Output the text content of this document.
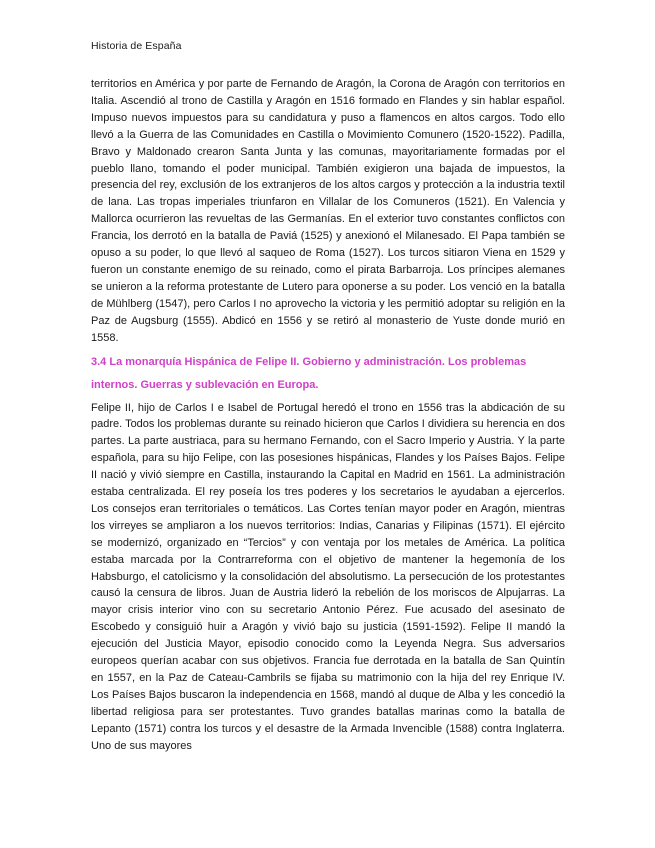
Historia de España

territorios en América y por parte de Fernando de Aragón, la Corona de Aragón con territorios en Italia. Ascendió al trono de Castilla y Aragón en 1516 formado en Flandes y sin hablar español. Impuso nuevos impuestos para su candidatura y puso a flamencos en altos cargos. Todo ello llevó a la Guerra de las Comunidades en Castilla o Movimiento Comunero (1520-1522). Padilla, Bravo y Maldonado crearon Santa Junta y las comunas, mayoritariamente formadas por el pueblo llano, tomando el poder municipal. También exigieron una bajada de impuestos, la presencia del rey, exclusión de los extranjeros de los altos cargos y protección a la industria textil de lana. Las tropas imperiales triunfaron en Villalar de los Comuneros (1521). En Valencia y Mallorca ocurrieron las revueltas de las Germanías. En el exterior tuvo constantes conflictos con Francia, los derrotó en la batalla de Paviá (1525) y anexionó el Milanesado. El Papa también se opuso a su poder, lo que llevó al saqueo de Roma (1527). Los turcos sitiaron Viena en 1529 y fueron un constante enemigo de su reinado, como el pirata Barbarroja. Los príncipes alemanes se unieron a la reforma protestante de Lutero para oponerse a su poder. Los venció en la batalla de Mühlberg (1547), pero Carlos I no aprovecho la victoria y les permitió adoptar su religión en la Paz de Augsburg (1555). Abdicó en 1556 y se retiró al monasterio de Yuste donde murió en 1558.

3.4 La monarquía Hispánica de Felipe II. Gobierno y administración. Los problemas internos. Guerras y sublevación en Europa.

Felipe II, hijo de Carlos I e Isabel de Portugal heredó el trono en 1556 tras la abdicación de su padre. Todos los problemas durante su reinado hicieron que Carlos I dividiera su herencia en dos partes. La parte austriaca, para su hermano Fernando, con el Sacro Imperio y Austria. Y la parte española, para su hijo Felipe, con las posesiones hispánicas, Flandes y los Países Bajos. Felipe II nació y vivió siempre en Castilla, instaurando la Capital en Madrid en 1561. La administración estaba centralizada. El rey poseía los tres poderes y los secretarios le ayudaban a ejercerlos. Los consejos eran territoriales o temáticos. Las Cortes tenían mayor poder en Aragón, mientras los virreyes se ampliaron a los nuevos territorios: Indias, Canarias y Filipinas (1571). El ejército se modernizó, organizado en “Tercios” y con ventaja por los metales de América. La política estaba marcada por la Contrarreforma con el objetivo de mantener la hegemonía de los Habsburgo, el catolicismo y la consolidación del absolutismo. La persecución de los protestantes causó la censura de libros. Juan de Austria lideró la rebelión de los moriscos de Alpujarras. La mayor crisis interior vino con su secretario Antonio Pérez. Fue acusado del asesinato de Escobedo y consiguió huir a Aragón y vivió bajo su justicia (1591-1592). Felipe II mandó la ejecución del Justicia Mayor, episodio conocido como la Leyenda Negra. Sus adversarios europeos querían acabar con sus objetivos. Francia fue derrotada en la batalla de San Quintín en 1557, en la Paz de Cateau-Cambrils se fijaba su matrimonio con la hija del rey Enrique IV. Los Países Bajos buscaron la independencia en 1568, mandó al duque de Alba y les concedió la libertad religiosa para ser protestantes. Tuvo grandes batallas marinas como la batalla de Lepanto (1571) contra los turcos y el desastre de la Armada Invencible (1588) contra Inglaterra. Uno de sus mayores
